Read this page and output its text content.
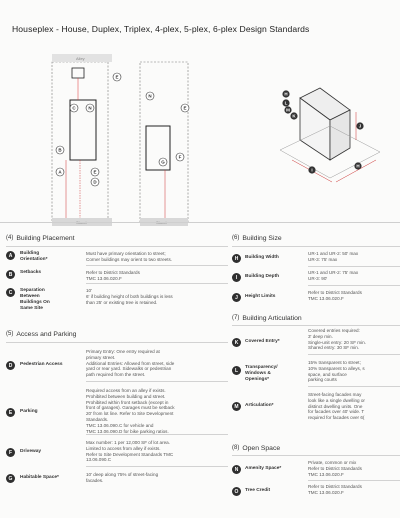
Houseplex - House, Duplex, Triplex, 4-plex, 5-plex, 6-plex Design Standards
Alley
E
C	N
N
E
B
A
F
G
E
D
H
L
M
K
I
H
J
(4) Building Placement
A	Building
Orientation*
Must have primary orientation to street;
Corner buildings may orient to two streets.
B	Setbacks	Refer to District Standards
TMC 13.06.020.F
C	Separation
Between
Buildings On
Same Site
10'
6' if building height of both buildings is less
than 25' or existing tree is retained.
(5) Access and Parking
D	Pedestrian Access
Primary Entry: One entry required at
primary street.
Additional Entries: Allowed from street, side
yard or rear yard. Sidewalks or pedestrian
path required from the street.
E	Parking
Required access from an alley if exists.
Prohibited between building and street.
Prohibited within front setback (except in
front of garages). Garages must be setback
20' from lot line. Refer to Site Development
Standards.
TMC 13.06.090.C for vehicle and
TMC 13.06.090.D for bike parking ratios.
F	Driveway
Max number: 1 per 12,000 SF of lot area.
Limited to access from alley if exists.
Refer to Site Development Standards TMC
13.06.090.C
G	Habitable Space*
10' deep along 75% of street-facing
facades.
(6) Building Size
H	Building Width
UR-1 and UR-2: 50' max
UR-3: 75' max
I	Building Depth
UR-1 and UR-2: 75' max
UR-3: 90'
J	Height Limits
Refer to District Standards
TMC 13.06.020.F
(7) Building Articulation
K	Covered Entry*
Covered entries required:
3' deep min.
Single-unit entry: 20 SF min.
Shared entry: 30 SF min.
L	Transparency/
Windows &
Openings*
15% transparent to street;
10% transparent to alleys, s
space, and surface
parking courts
M	Articulation*
Street-facing facades may
look like a single dwelling or
distinct dwelling units. One
for facades over 40' wide. T
required for facades over 6(
(8) Open Space
N	Amenity Space*
Private, common or mix
Refer to District Standards
TMC 13.06.020.F
O	Tree Credit
Refer to District Standards
TMC 13.06.020.F
